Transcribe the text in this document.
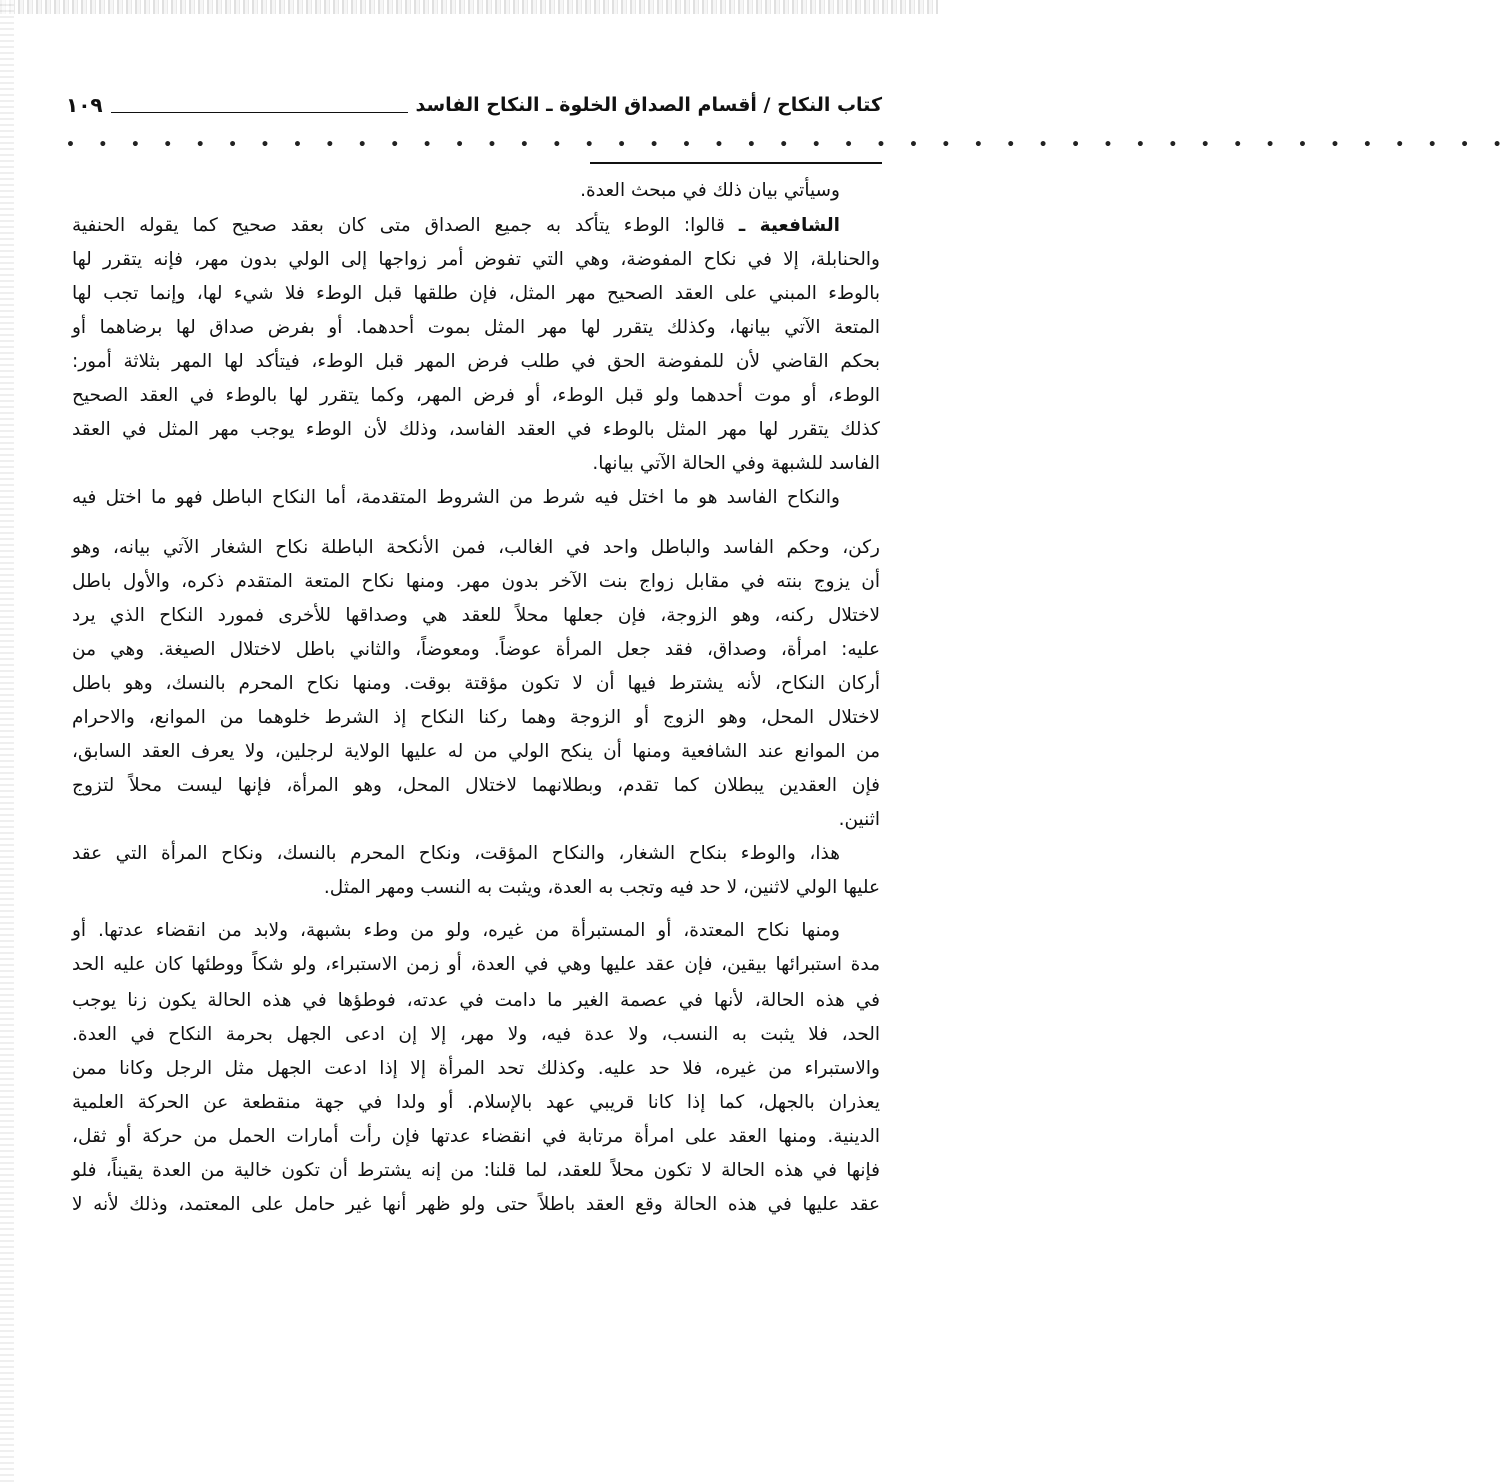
كتاب النكاح / أقسام الصداق الخلوة ـ النكاح الفاسد
١٠٩
• • • • • • • • • • • • • • • • • • • • • • • • • • • • • • • • • • • • • • • • • • • • •
وسيأتي بيان ذلك في مبحث العدة.
الشافعية ـ قالوا: الوطء يتأكد به جميع الصداق متى كان بعقد صحيح كما يقوله الحنفية
والحنابلة، إلا في نكاح المفوضة، وهي التي تفوض أمر زواجها إلى الولي بدون مهر، فإنه يتقرر لها
بالوطء المبني على العقد الصحيح مهر المثل، فإن طلقها قبل الوطء فلا شيء لها، وإنما تجب لها
المتعة الآتي بيانها، وكذلك يتقرر لها مهر المثل بموت أحدهما. أو بفرض صداق لها برضاهما أو
بحكم القاضي لأن للمفوضة الحق في طلب فرض المهر قبل الوطء، فيتأكد لها المهر بثلاثة أمور:
الوطء، أو موت أحدهما ولو قبل الوطء، أو فرض المهر، وكما يتقرر لها بالوطء في العقد الصحيح
كذلك يتقرر لها مهر المثل بالوطء في العقد الفاسد، وذلك لأن الوطء يوجب مهر المثل في العقد
الفاسد للشبهة وفي الحالة الآتي بيانها.
والنكاح الفاسد هو ما اختل فيه شرط من الشروط المتقدمة، أما النكاح الباطل فهو ما اختل فيه
ركن، وحكم الفاسد والباطل واحد في الغالب، فمن الأنكحة الباطلة نكاح الشغار الآتي بيانه، وهو
أن يزوج بنته في مقابل زواج بنت الآخر بدون مهر. ومنها نكاح المتعة المتقدم ذكره، والأول باطل
لاختلال ركنه، وهو الزوجة، فإن جعلها محلاً للعقد هي وصداقها للأخرى فمورد النكاح الذي يرد
عليه: امرأة، وصداق، فقد جعل المرأة عوضاً. ومعوضاً، والثاني باطل لاختلال الصيغة. وهي من
أركان النكاح، لأنه يشترط فيها أن لا تكون مؤقتة بوقت. ومنها نكاح المحرم بالنسك، وهو باطل
لاختلال المحل، وهو الزوج أو الزوجة وهما ركنا النكاح إذ الشرط خلوهما من الموانع، والاحرام
من الموانع عند الشافعية ومنها أن ينكح الولي من له عليها الولاية لرجلين، ولا يعرف العقد السابق،
فإن العقدين يبطلان كما تقدم، وبطلانهما لاختلال المحل، وهو المرأة، فإنها ليست محلاً لتزوج
اثنين.
هذا، والوطء بنكاح الشغار، والنكاح المؤقت، ونكاح المحرم بالنسك، ونكاح المرأة التي عقد
عليها الولي لاثنين، لا حد فيه وتجب به العدة، ويثبت به النسب ومهر المثل.
ومنها نكاح المعتدة، أو المستبرأة من غيره، ولو من وطء بشبهة، ولابد من انقضاء عدتها. أو
مدة استبرائها بيقين، فإن عقد عليها وهي في العدة، أو زمن الاستبراء، ولو شكاً ووطئها كان عليه الحد
في هذه الحالة، لأنها في عصمة الغير ما دامت في عدته، فوطؤها في هذه الحالة يكون زنا يوجب
الحد، فلا يثبت به النسب، ولا عدة فيه، ولا مهر، إلا إن ادعى الجهل بحرمة النكاح في العدة.
والاستبراء من غيره، فلا حد عليه. وكذلك تحد المرأة إلا إذا ادعت الجهل مثل الرجل وكانا ممن
يعذران بالجهل، كما إذا كانا قريبي عهد بالإسلام. أو ولدا في جهة منقطعة عن الحركة العلمية
الدينية. ومنها العقد على امرأة مرتابة في انقضاء عدتها فإن رأت أمارات الحمل من حركة أو ثقل،
فإنها في هذه الحالة لا تكون محلاً للعقد، لما قلنا: من إنه يشترط أن تكون خالية من العدة يقيناً، فلو
عقد عليها في هذه الحالة وقع العقد باطلاً حتى ولو ظهر أنها غير حامل على المعتمد، وذلك لأنه لا
